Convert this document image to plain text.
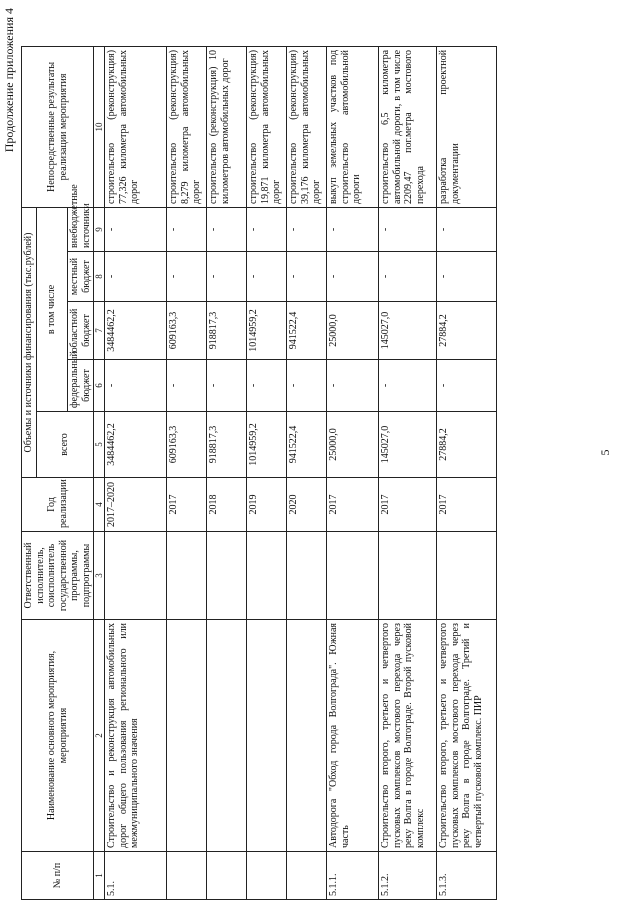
Продолжение приложения 4
№ п/п	Наименование основного мероприятия, мероприятия	Ответственный исполнитель, соисполнитель государственной программы, подпрограммы	Год реализации	Объемы и источники финансирования (тыс.рублей)					Непосредственные результаты реализации мероприятия
				всего	в том числе				
					федеральный бюджет	областной бюджет	местный бюджет	внебюджетные источники	
1	2	3	4	5	6	7	8	9	10
5.1.	Строительство и реконструкция автомобильных дорог общего пользования регионального или межмуниципального значения		2017–2020	3484462,2	-	3484462,2	-	-	строительство (реконструкция) 77,326 километра автомобильных дорог
			2017	609163,3	-	609163,3	-	-	строительство (реконструкция) 8,279 километра автомобильных дорог
			2018	918817,3	-	918817,3	-	-	строительство (реконструкция) 10 километров автомобильных дорог
			2019	1014959,2	-	1014959,2	-	-	строительство (реконструкция) 19,871 километра автомобильных дорог
			2020	941522,4	-	941522,4	-	-	строительство (реконструкция) 39,176 километра автомобильных дорог
5.1.1.	Автодорога "Обход города Волгограда". Южная часть		2017	25000,0	-	25000,0	-	-	выкуп земельных участков под строительство автомобильной дороги
5.1.2.	Строительство второго, третьего и четвертого пусковых комплексов мостового перехода через реку Волга в городе Волгограде. Второй пусковой комплекс		2017	145027,0	-	145027,0	-	-	строительство 6,5 километра автомобильной дороги, в том числе 2209,47 пог.метра мостового перехода
5.1.3.	Строительство второго, третьего и четвертого пусковых комплексов мостового перехода через реку Волга в городе Волгограде. Третий и четвертый пусковой комплекс. ПИР		2017	27884,2	-	27884,2	-	-	разработка проектной документации
5
